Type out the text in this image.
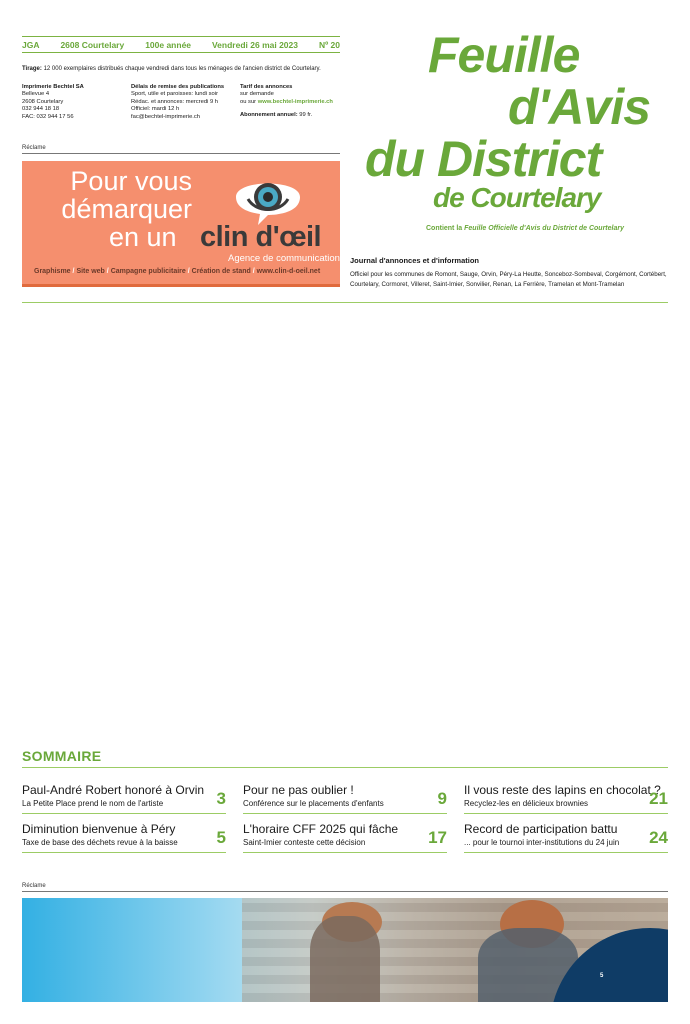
JGA 2608 Courtelary 100e année Vendredi 26 mai 2023 Nº 20
Tirage: 12 000 exemplaires distribués chaque vendredi dans tous les ménages de l'ancien district de Courtelary.
Imprimerie Bechtel SA
Bellevue 4
2608 Courtelary
032 944 18 18
FAC: 032 944 17 56
Délais de remise des publications
Sport, utile et paroisses: lundi soir
Rédac. et annonces: mercredi 9 h
Officiel: mardi 12 h
fac@bechtel-imprimerie.ch
Tarif des annonces
sur demande
ou sur www.bechtel-imprimerie.ch
Abonnement annuel: 99 fr.
Réclame
Pour vous
démarquer
en un clin d'œil
Agence de communication
Graphisme / Site web / Campagne publicitaire / Création de stand / www.clin-d-oeil.net
Feuille
d'Avis
du District
de Courtelary
Contient la Feuille Officielle d'Avis du District de Courtelary
Journal d'annonces et d'information
Officiel pour les communes de Romont, Sauge, Orvin, Péry-La Heutte, Sonceboz-Sombeval, Corgémont, Cortébert, Courtelary, Cormoret, Villeret, Saint-Imier, Sonvilier, Renan, La Ferrière, Tramelan et Mont-Tramelan
SOMMAIRE
Paul-André Robert honoré à Orvin
La Petite Place prend le nom de l'artiste	3 Pour ne pas oublier !
Conférence sur le placements d'enfants	9 Il vous reste des lapins en chocolat ?
Recyclez-les en délicieux brownies	21
Diminution bienvenue à Péry
Taxe de base des déchets revue à la baisse 5 L'horaire CFF 2025 qui fâche
Saint-Imier conteste cette décision	17 Record de participation battu
... pour le tournoi inter-institutions du 24 juin 24
Réclame
5
